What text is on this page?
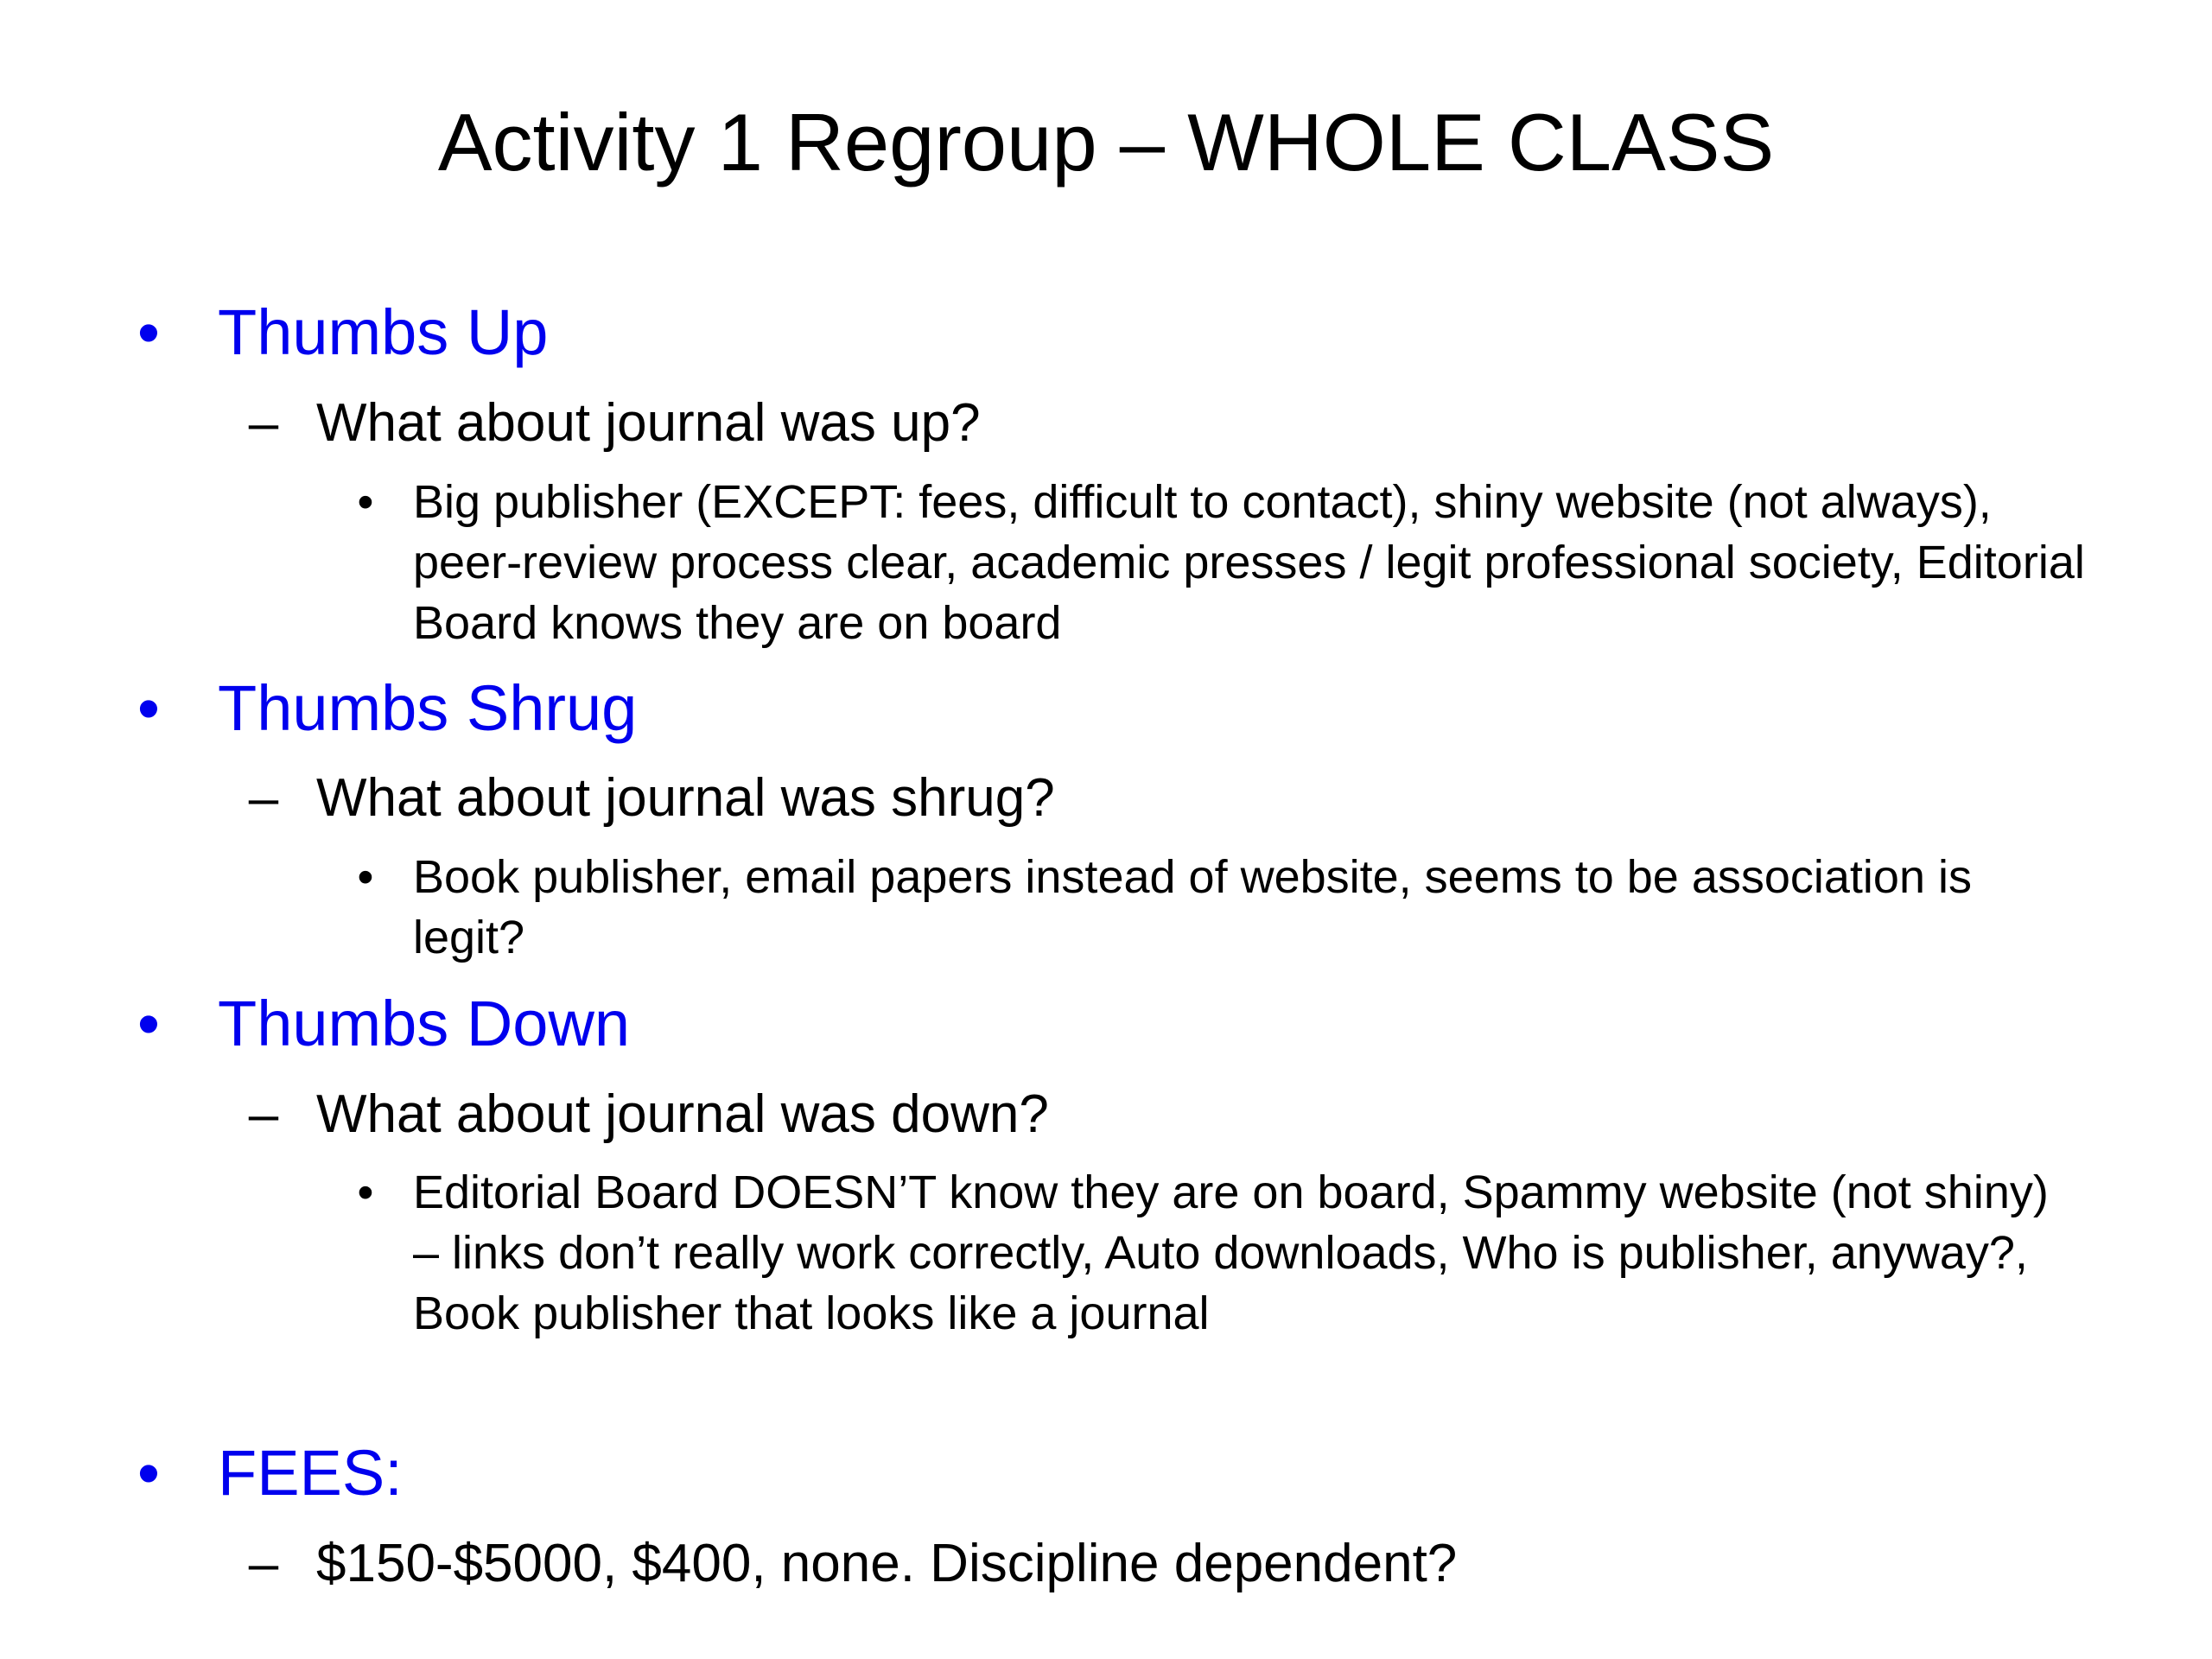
Activity 1 Regroup – WHOLE CLASS
• Thumbs Up
– What about journal was up?
• Big publisher (EXCEPT: fees, difficult to contact), shiny website (not always), peer-review process clear, academic presses / legit professional society, Editorial Board knows they are on board
• Thumbs Shrug
– What about journal was shrug?
• Book publisher, email papers instead of website, seems to be association is legit?
• Thumbs Down
– What about journal was down?
• Editorial Board DOESN’T know they are on board, Spammy website (not shiny) – links don’t really work correctly, Auto downloads, Who is publisher, anyway?, Book publisher that looks like a journal
• FEES:
– $150-$5000, $400, none. Discipline dependent?
